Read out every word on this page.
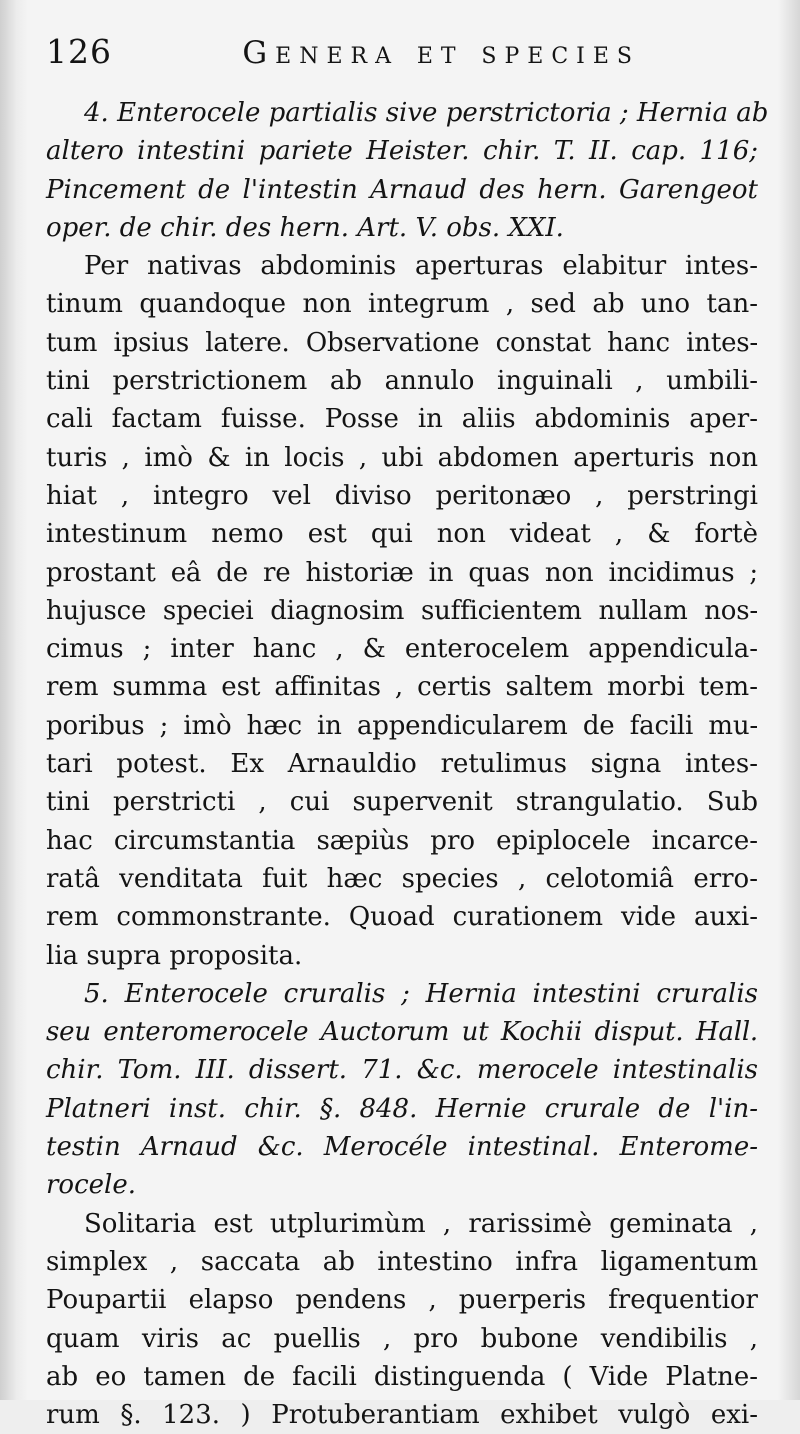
126	Genera et species
4. Enterocele partialis sive perstrictoria ; Hernia ab
altero intestini pariete Heister. chir. T. II. cap. 116;
Pincement de l'intestin Arnaud des hern. Garengeot
oper. de chir. des hern. Art. V. obs. XXI.
Per nativas abdominis aperturas elabitur intes-
tinum quandoque non integrum , sed ab uno tan-
tum ipsius latere. Observatione constat hanc intes-
tini perstrictionem ab annulo inguinali , umbili-
cali factam fuisse. Posse in aliis abdominis aper-
turis , imò & in locis , ubi abdomen aperturis non
hiat , integro vel diviso peritonæo , perstringi
intestinum nemo est qui non videat , & fortè
prostant eâ de re historiæ in quas non incidimus ;
hujusce speciei diagnosim sufficientem nullam nos-
cimus ; inter hanc , & enterocelem appendicula-
rem summa est affinitas , certis saltem morbi tem-
poribus ; imò hæc in appendicularem de facili mu-
tari potest. Ex Arnauldio retulimus signa intes-
tini perstricti , cui supervenit strangulatio. Sub
hac circumstantia sæpiùs pro epiplocele incarce-
ratâ venditata fuit hæc species , celotomiâ erro-
rem commonstrante. Quoad curationem vide auxi-
lia supra proposita.
5. Enterocele cruralis ; Hernia intestini cruralis
seu enteromerocele Auctorum ut Kochii disput. Hall.
chir. Tom. III. dissert. 71. &c. merocele intestinalis
Platneri inst. chir. §. 848. Hernie crurale de l'in-
testin Arnaud &c. Merocéle intestinal. Enterome-
rocele.
Solitaria est utplurimùm , rarissimè geminata ,
simplex , saccata ab intestino infra ligamentum
Poupartii elapso pendens , puerperis frequentior
quam viris ac puellis , pro bubone vendibilis ,
ab eo tamen de facili distinguenda ( Vide Platne-
rum §. 123. ) Protuberantiam exhibet vulgò exi-
